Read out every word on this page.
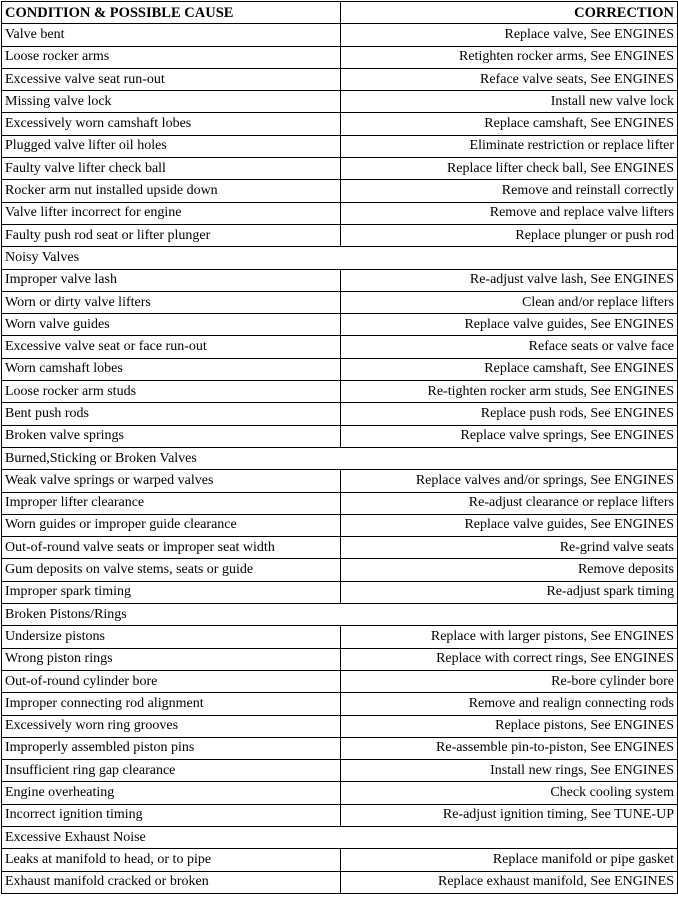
CONDITION & POSSIBLE CAUSE	CORRECTION
Valve bent	Replace valve, See ENGINES
Loose rocker arms	Retighten rocker arms, See ENGINES
Excessive valve seat run-out	Reface valve seats, See ENGINES
Missing valve lock	Install new valve lock
Excessively worn camshaft lobes	Replace camshaft, See ENGINES
Plugged valve lifter oil holes	Eliminate restriction or replace lifter
Faulty valve lifter check ball	Replace lifter check ball, See ENGINES
Rocker arm nut installed upside down	Remove and reinstall correctly
Valve lifter incorrect for engine	Remove and replace valve lifters
Faulty push rod seat or lifter plunger	Replace plunger or push rod
Noisy Valves	
Improper valve lash	Re-adjust valve lash, See ENGINES
Worn or dirty valve lifters	Clean and/or replace lifters
Worn valve guides	Replace valve guides, See ENGINES
Excessive valve seat or face run-out	Reface seats or valve face
Worn camshaft lobes	Replace camshaft, See ENGINES
Loose rocker arm studs	Re-tighten rocker arm studs, See ENGINES
Bent push rods	Replace push rods, See ENGINES
Broken valve springs	Replace valve springs, See ENGINES
Burned,Sticking or Broken Valves	
Weak valve springs or warped valves	Replace valves and/or springs, See ENGINES
Improper lifter clearance	Re-adjust clearance or replace lifters
Worn guides or improper guide clearance	Replace valve guides, See ENGINES
Out-of-round valve seats or improper seat width	Re-grind valve seats
Gum deposits on valve stems, seats or guide	Remove deposits
Improper spark timing	Re-adjust spark timing
Broken Pistons/Rings	
Undersize pistons	Replace with larger pistons, See ENGINES
Wrong piston rings	Replace with correct rings, See ENGINES
Out-of-round cylinder bore	Re-bore cylinder bore
Improper connecting rod alignment	Remove and realign connecting rods
Excessively worn ring grooves	Replace pistons, See ENGINES
Improperly assembled piston pins	Re-assemble pin-to-piston, See ENGINES
Insufficient ring gap clearance	Install new rings, See ENGINES
Engine overheating	Check cooling system
Incorrect ignition timing	Re-adjust ignition timing, See TUNE-UP
Excessive Exhaust Noise	
Leaks at manifold to head, or to pipe	Replace manifold or pipe gasket
Exhaust manifold cracked or broken	Replace exhaust manifold, See ENGINES
